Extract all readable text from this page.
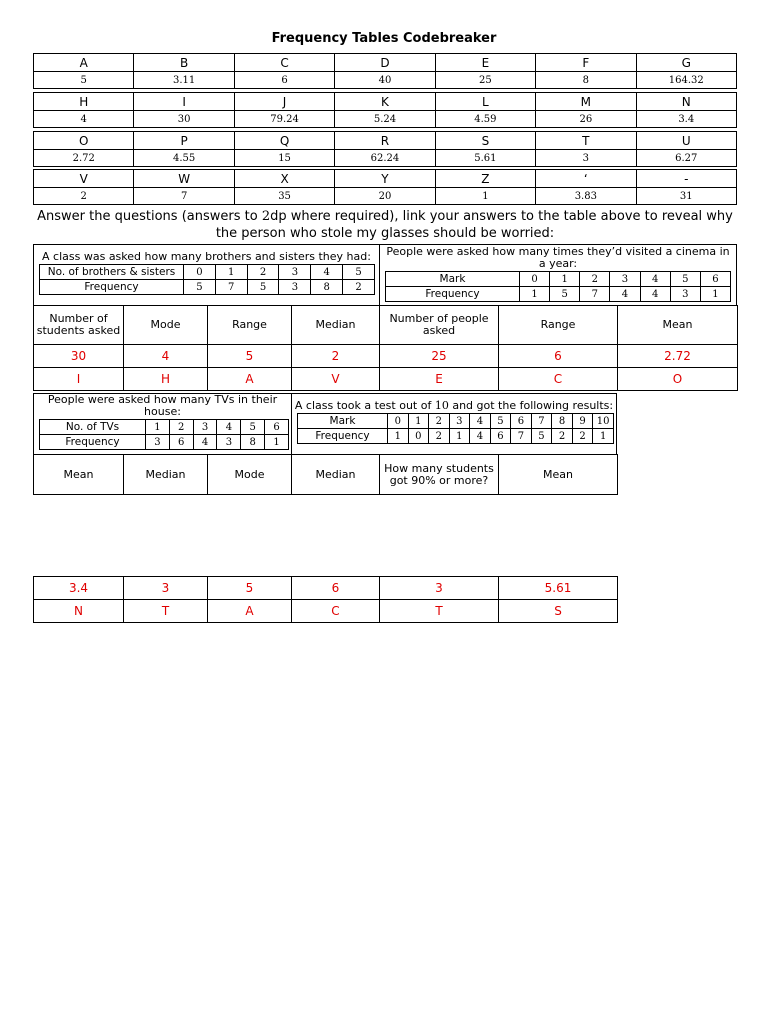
Frequency Tables Codebreaker
A	B	C	D	E	F	G
5	3.11	6	40	25	8	164.32
H	I	J	K	L	M	N
4	30	79.24	5.24	4.59	26	3.4
O	P	Q	R	S	T	U
2.72	4.55	15	62.24	5.61	3	6.27
V	W	X	Y	Z	‘	-
2	7	35	20	1	3.83	31
Answer the questions (answers to 2dp where required), link your answers to the table above to reveal why
the person who stole my glasses should be worried:
A class was asked how many brothers and sisters they had:
No. of brothers & sisters	0	1	2	3	4	5
Frequency	5	7	5	3	8	2
People were asked how many times they’d visited a cinema in a year:
Mark	0	1	2	3	4	5	6
Frequency	1	5	7	4	4	3	1
Number of students asked	Mode	Range	Median	Number of people asked	Range	Mean
30	4	5	2	25	6	2.72
I	H	A	V	E	C	O
People were asked how many TVs in their house:
No. of TVs	1	2	3	4	5	6
Frequency	3	6	4	3	8	1
A class took a test out of 10 and got the following results:
Mark	0	1	2	3	4	5	6	7	8	9	10
Frequency	1	0	2	1	4	6	7	5	2	2	1
Mean	Median	Mode	Median	How many students got 90% or more?	Mean
3.4	3	5	6	3	5.61
N	T	A	C	T	S
